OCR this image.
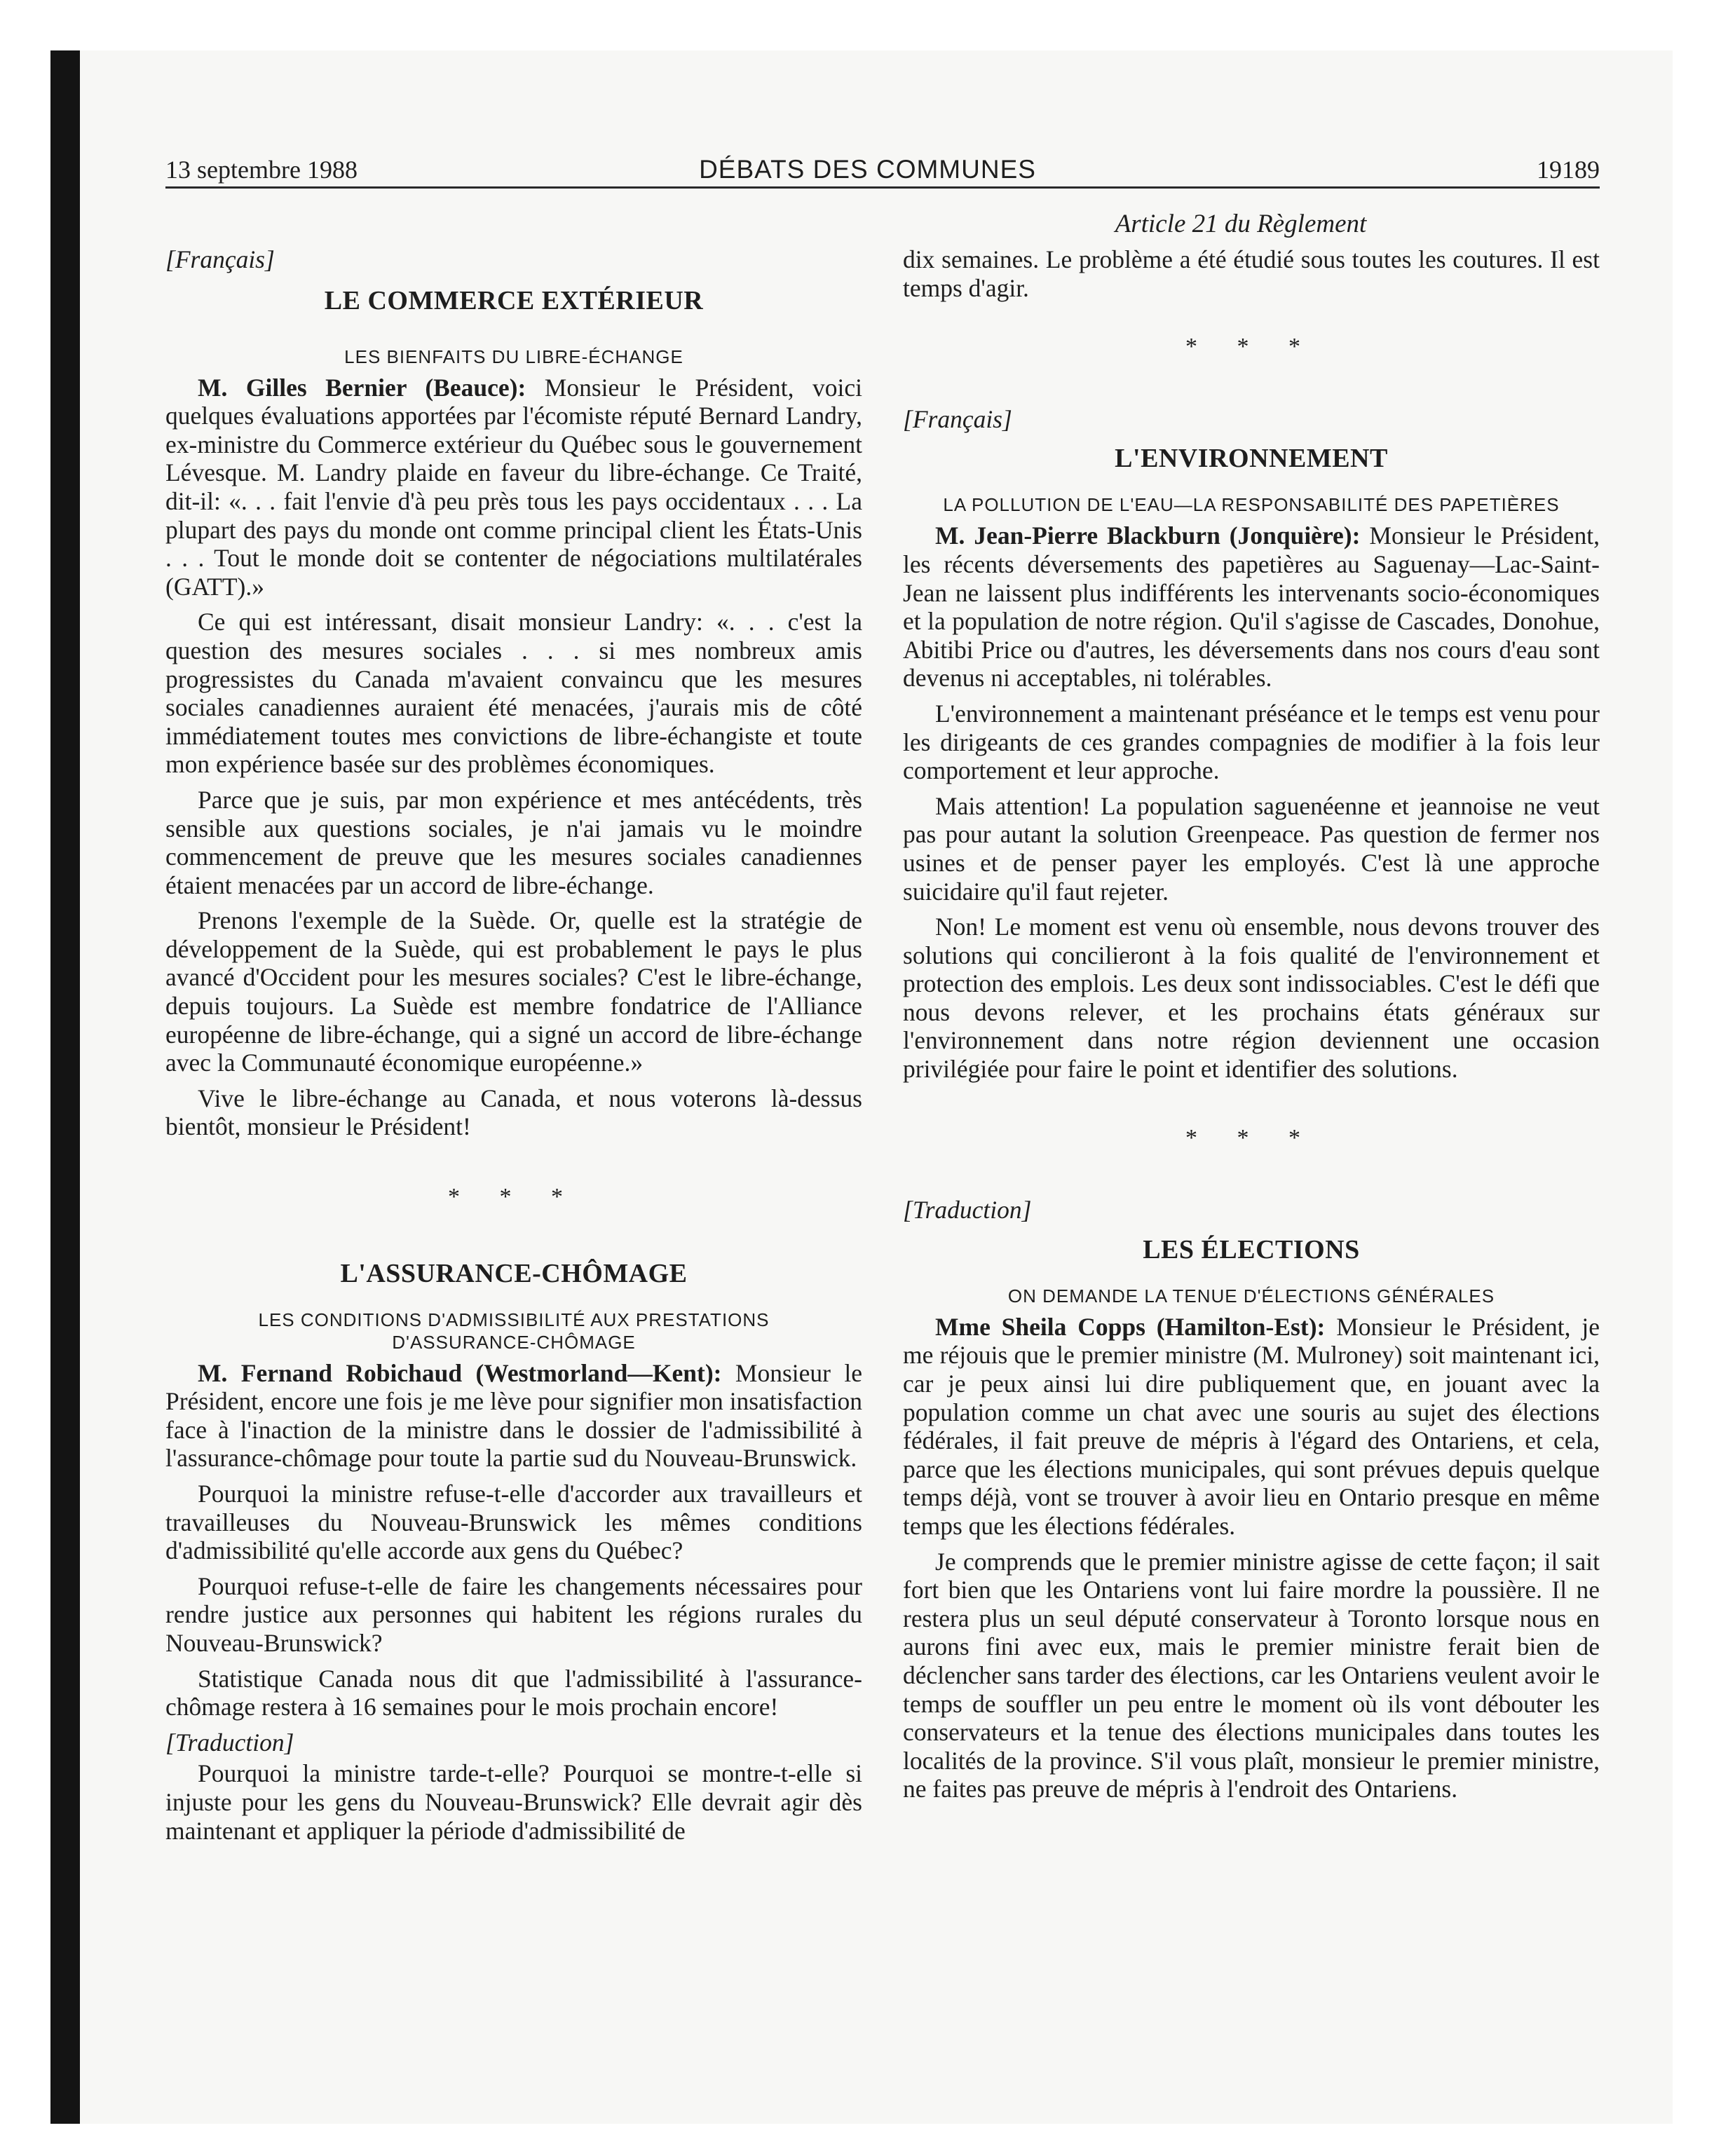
13 septembre 1988	DÉBATS DES COMMUNES	19189
Article 21 du Règlement

[Français]

LE COMMERCE EXTÉRIEUR

LES BIENFAITS DU LIBRE-ÉCHANGE

M. Gilles Bernier (Beauce): Monsieur le Président, voici quelques évaluations apportées par l'écomiste réputé Bernard Landry, ex-ministre du Commerce extérieur du Québec sous le gouvernement Lévesque. M. Landry plaide en faveur du libre-échange. Ce Traité, dit-il: «. . . fait l'envie d'à peu près tous les pays occidentaux . . . La plupart des pays du monde ont comme principal client les États-Unis . . . Tout le monde doit se contenter de négociations multilatérales (GATT).»

Ce qui est intéressant, disait monsieur Landry: «. . . c'est la question des mesures sociales . . . si mes nombreux amis progressistes du Canada m'avaient convaincu que les mesures sociales canadiennes auraient été menacées, j'aurais mis de côté immédiatement toutes mes convictions de libre-échangiste et toute mon expérience basée sur des problèmes économiques.

Parce que je suis, par mon expérience et mes antécédents, très sensible aux questions sociales, je n'ai jamais vu le moindre commencement de preuve que les mesures sociales canadiennes étaient menacées par un accord de libre-échange.

Prenons l'exemple de la Suède. Or, quelle est la stratégie de développement de la Suède, qui est probablement le pays le plus avancé d'Occident pour les mesures sociales? C'est le libre-échange, depuis toujours. La Suède est membre fondatrice de l'Alliance européenne de libre-échange, qui a signé un accord de libre-échange avec la Communauté économique européenne.»

Vive le libre-échange au Canada, et nous voterons là-dessus bientôt, monsieur le Président!

* * *

L'ASSURANCE-CHÔMAGE

LES CONDITIONS D'ADMISSIBILITÉ AUX PRESTATIONS D'ASSURANCE-CHÔMAGE

M. Fernand Robichaud (Westmorland—Kent): Monsieur le Président, encore une fois je me lève pour signifier mon insatisfaction face à l'inaction de la ministre dans le dossier de l'admissibilité à l'assurance-chômage pour toute la partie sud du Nouveau-Brunswick.

Pourquoi la ministre refuse-t-elle d'accorder aux travailleurs et travailleuses du Nouveau-Brunswick les mêmes conditions d'admissibilité qu'elle accorde aux gens du Québec?

Pourquoi refuse-t-elle de faire les changements nécessaires pour rendre justice aux personnes qui habitent les régions rurales du Nouveau-Brunswick?

Statistique Canada nous dit que l'admissibilité à l'assurance-chômage restera à 16 semaines pour le mois prochain encore!

[Traduction]

Pourquoi la ministre tarde-t-elle? Pourquoi se montre-t-elle si injuste pour les gens du Nouveau-Brunswick? Elle devrait agir dès maintenant et appliquer la période d'admissibilité de

dix semaines. Le problème a été étudié sous toutes les coutures. Il est temps d'agir.

* * *

[Français]

L'ENVIRONNEMENT

LA POLLUTION DE L'EAU—LA RESPONSABILITÉ DES PAPETIÈRES

M. Jean-Pierre Blackburn (Jonquière): Monsieur le Président, les récents déversements des papetières au Saguenay—Lac-Saint-Jean ne laissent plus indifférents les intervenants socio-économiques et la population de notre région. Qu'il s'agisse de Cascades, Donohue, Abitibi Price ou d'autres, les déversements dans nos cours d'eau sont devenus ni acceptables, ni tolérables.

L'environnement a maintenant préséance et le temps est venu pour les dirigeants de ces grandes compagnies de modifier à la fois leur comportement et leur approche.

Mais attention! La population saguenéenne et jeannoise ne veut pas pour autant la solution Greenpeace. Pas question de fermer nos usines et de penser payer les employés. C'est là une approche suicidaire qu'il faut rejeter.

Non! Le moment est venu où ensemble, nous devons trouver des solutions qui concilieront à la fois qualité de l'environnement et protection des emplois. Les deux sont indissociables. C'est le défi que nous devons relever, et les prochains états généraux sur l'environnement dans notre région deviennent une occasion privilégiée pour faire le point et identifier des solutions.

* * *

[Traduction]

LES ÉLECTIONS

ON DEMANDE LA TENUE D'ÉLECTIONS GÉNÉRALES

Mme Sheila Copps (Hamilton-Est): Monsieur le Président, je me réjouis que le premier ministre (M. Mulroney) soit maintenant ici, car je peux ainsi lui dire publiquement que, en jouant avec la population comme un chat avec une souris au sujet des élections fédérales, il fait preuve de mépris à l'égard des Ontariens, et cela, parce que les élections municipales, qui sont prévues depuis quelque temps déjà, vont se trouver à avoir lieu en Ontario presque en même temps que les élections fédérales.

Je comprends que le premier ministre agisse de cette façon; il sait fort bien que les Ontariens vont lui faire mordre la poussière. Il ne restera plus un seul député conservateur à Toronto lorsque nous en aurons fini avec eux, mais le premier ministre ferait bien de déclencher sans tarder des élections, car les Ontariens veulent avoir le temps de souffler un peu entre le moment où ils vont débouter les conservateurs et la tenue des élections municipales dans toutes les localités de la province. S'il vous plaît, monsieur le premier ministre, ne faites pas preuve de mépris à l'endroit des Ontariens.
